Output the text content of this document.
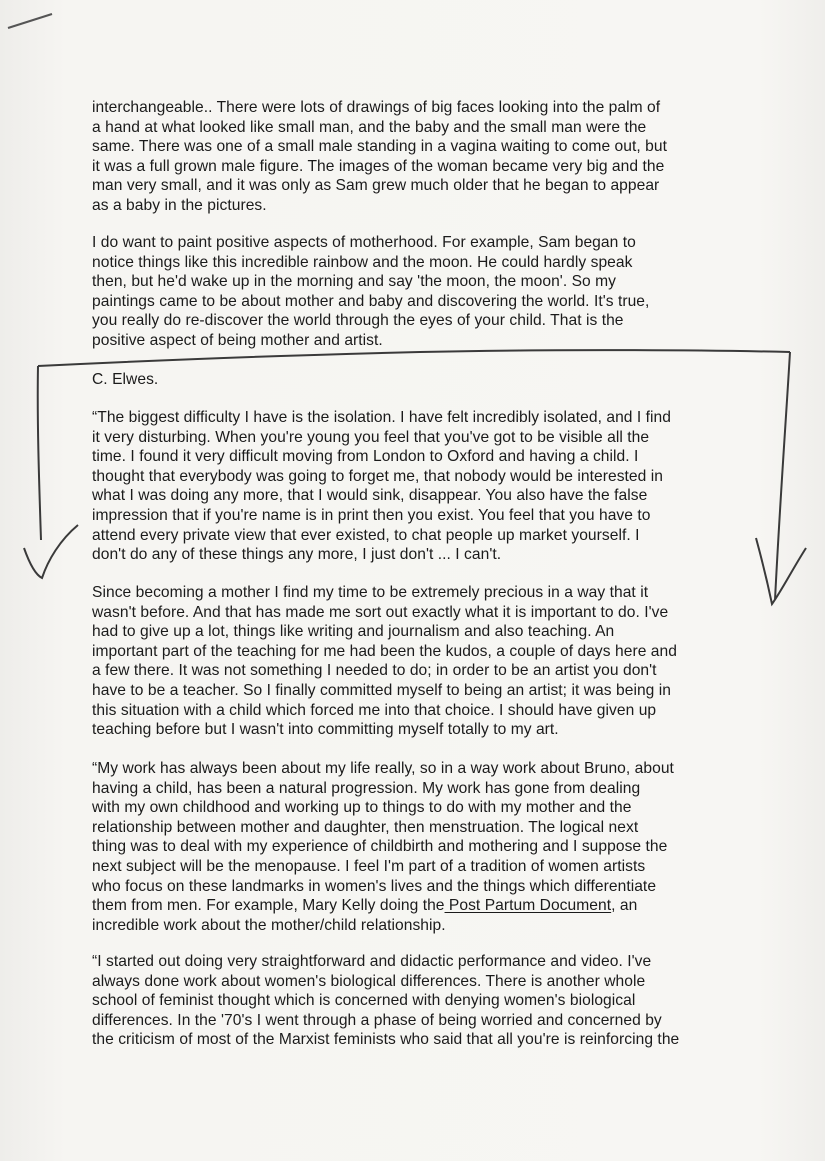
interchangeable.. There were lots of drawings of big faces looking into the palm of
a hand at what looked like small man, and the baby and the small man were the
same. There was one of a small male standing in a vagina waiting to come out, but
it was a full grown male figure. The images of the woman became very big and the
man very small, and it was only as Sam grew much older that he began to appear
as a baby in the pictures.

I do want to paint positive aspects of motherhood. For example, Sam began to
notice things like this incredible rainbow and the moon. He could hardly speak
then, but he'd wake up in the morning and say 'the moon, the moon'. So my
paintings came to be about mother and baby and discovering the world. It's true,
you really do re-discover the world through the eyes of your child. That is the
positive aspect of being mother and artist.

C. Elwes.

“The biggest difficulty I have is the isolation. I have felt incredibly isolated, and I find
it very disturbing. When you're young you feel that you've got to be visible all the
time. I found it very difficult moving from London to Oxford and having a child. I
thought that everybody was going to forget me, that nobody would be interested in
what I was doing any more, that I would sink, disappear. You also have the false
impression that if you're name is in print then you exist. You feel that you have to
attend every private view that ever existed, to chat people up market yourself. I
don't do any of these things any more, I just don't ... I can't.

Since becoming a mother I find my time to be extremely precious in a way that it
wasn't before. And that has made me sort out exactly what it is important to do. I've
had to give up a lot, things like writing and journalism and also teaching. An
important part of the teaching for me had been the kudos, a couple of days here and
a few there. It was not something I needed to do; in order to be an artist you don't
have to be a teacher. So I finally committed myself to being an artist; it was being in
this situation with a child which forced me into that choice. I should have given up
teaching before but I wasn't into committing myself totally to my art.

“My work has always been about my life really, so in a way work about Bruno, about
having a child, has been a natural progression. My work has gone from dealing
with my own childhood and working up to things to do with my mother and the
relationship between mother and daughter, then menstruation. The logical next
thing was to deal with my experience of childbirth and mothering and I suppose the
next subject will be the menopause. I feel I'm part of a tradition of women artists
who focus on these landmarks in women's lives and the things which differentiate
them from men. For example, Mary Kelly doing the Post Partum Document, an
incredible work about the mother/child relationship.

“I started out doing very straightforward and didactic performance and video. I've
always done work about women's biological differences. There is another whole
school of feminist thought which is concerned with denying women's biological
differences. In the '70's I went through a phase of being worried and concerned by
the criticism of most of the Marxist feminists who said that all you're is reinforcing the
